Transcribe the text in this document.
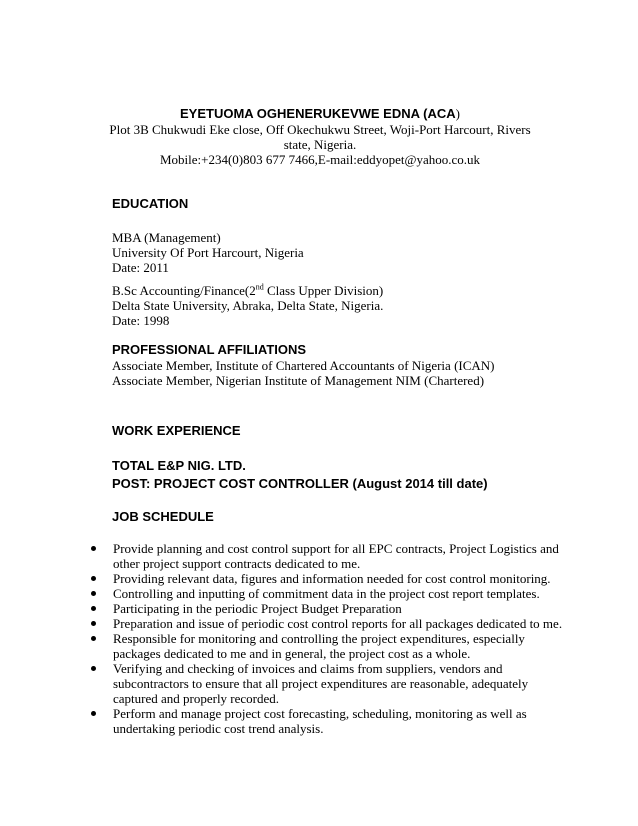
EYETUOMA OGHENERUKEVWE EDNA (ACA)
Plot 3B Chukwudi Eke close, Off Okechukwu Street, Woji-Port Harcourt, Rivers
state, Nigeria.
Mobile:+234(0)803 677 7466,E-mail:eddyopet@yahoo.co.uk
EDUCATION
MBA (Management)
University Of Port Harcourt, Nigeria
Date: 2011
B.Sc Accounting/Finance(2nd Class Upper Division)
Delta State University, Abraka, Delta State, Nigeria.
Date: 1998
PROFESSIONAL AFFILIATIONS
Associate Member, Institute of Chartered Accountants of Nigeria (ICAN)
Associate Member, Nigerian Institute of Management NIM (Chartered)
WORK EXPERIENCE
TOTAL E&P NIG. LTD.
POST: PROJECT COST CONTROLLER (August 2014 till date)
JOB SCHEDULE
Provide planning and cost control support for all EPC contracts, Project Logistics and other project support contracts dedicated to me.
Providing relevant data, figures and information needed for cost control monitoring.
Controlling and inputting of commitment data in the project cost report templates.
Participating in the periodic Project Budget Preparation
Preparation and issue of periodic cost control reports for all packages dedicated to me.
Responsible for monitoring and controlling the project expenditures, especially packages dedicated to me and in general, the project cost as a whole.
Verifying and checking of invoices and claims from suppliers, vendors and subcontractors to ensure that all project expenditures are reasonable, adequately captured and properly recorded.
Perform and manage project cost forecasting, scheduling, monitoring as well as undertaking periodic cost trend analysis.
